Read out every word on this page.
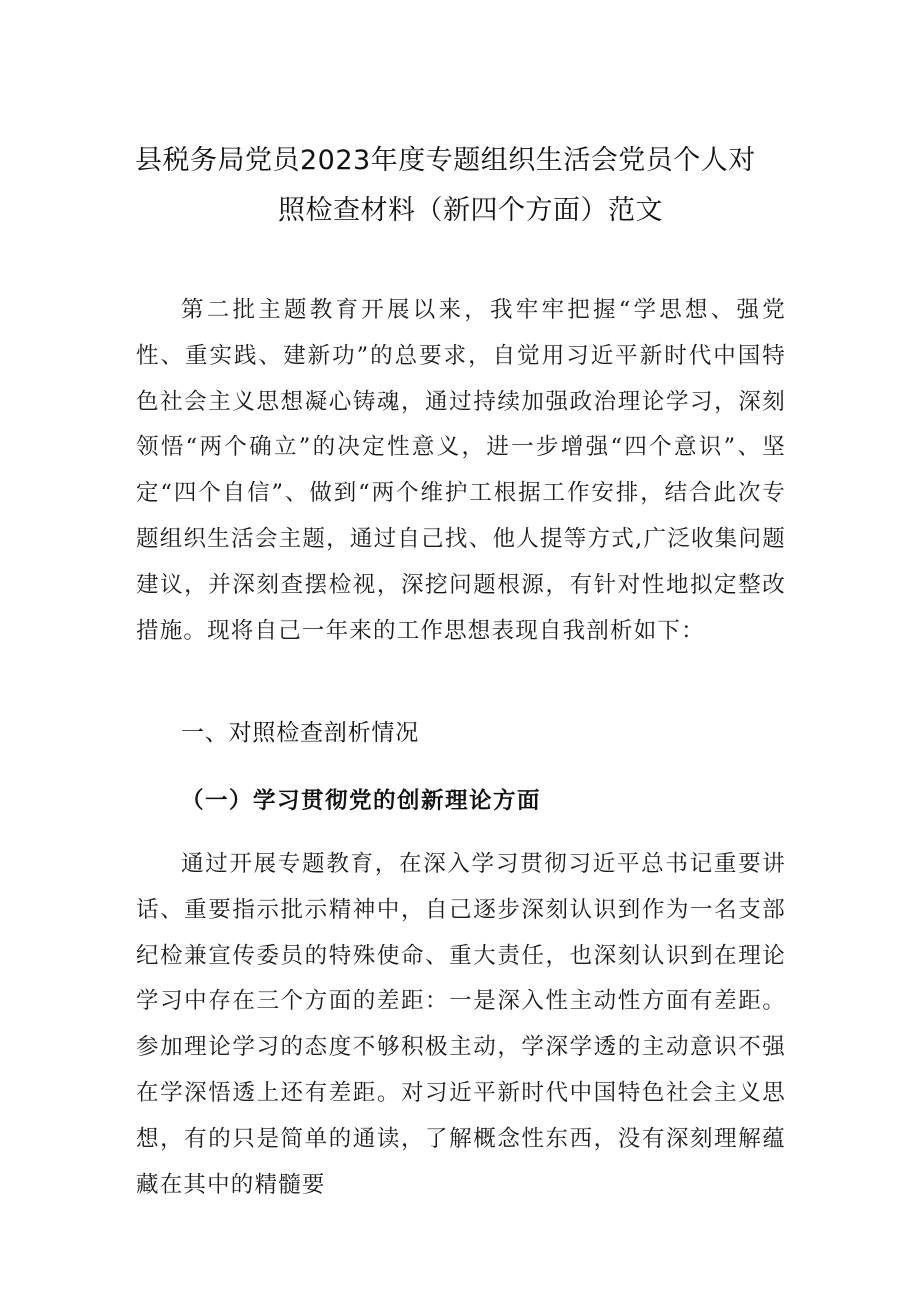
县税务局党员2023年度专题组织生活会党员个人对
照检查材料（新四个方面）范文

第二批主题教育开展以来，我牢牢把握“学思想、强党性、重实践、建新功”的总要求，自觉用习近平新时代中国特色社会主义思想凝心铸魂，通过持续加强政治理论学习，深刻领悟“两个确立”的决定性意义，进一步增强“四个意识”、坚定“四个自信”、做到“两个维护工根据工作安排，结合此次专题组织生活会主题，通过自己找、他人提等方式,广泛收集问题建议，并深刻查摆检视，深挖问题根源，有针对性地拟定整改措施。现将自己一年来的工作思想表现自我剖析如下：

一、对照检查剖析情况
（一）学习贯彻党的创新理论方面

通过开展专题教育，在深入学习贯彻习近平总书记重要讲话、重要指示批示精神中，自己逐步深刻认识到作为一名支部纪检兼宣传委员的特殊使命、重大责任，也深刻认识到在理论学习中存在三个方面的差距：一是深入性主动性方面有差距。参加理论学习的态度不够积极主动，学深学透的主动意识不强在学深悟透上还有差距。对习近平新时代中国特色社会主义思想，有的只是简单的通读，了解概念性东西，没有深刻理解蕴藏在其中的精髓要
